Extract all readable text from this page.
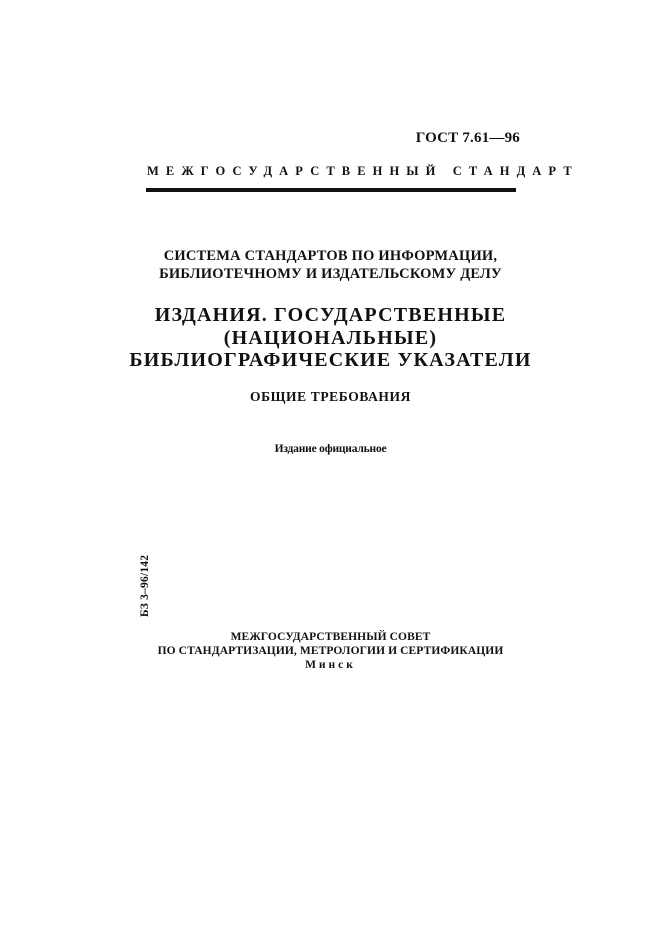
ГОСТ 7.61—96
МЕЖГОСУДАРСТВЕННЫЙ СТАНДАРТ
СИСТЕМА СТАНДАРТОВ ПО ИНФОРМАЦИИ,
БИБЛИОТЕЧНОМУ И ИЗДАТЕЛЬСКОМУ ДЕЛУ
ИЗДАНИЯ. ГОСУДАРСТВЕННЫЕ
(НАЦИОНАЛЬНЫЕ)
БИБЛИОГРАФИЧЕСКИЕ УКАЗАТЕЛИ
ОБЩИЕ ТРЕБОВАНИЯ
Издание официальное
БЗ 3–96/142
МЕЖГОСУДАРСТВЕННЫЙ СОВЕТ
ПО СТАНДАРТИЗАЦИИ, МЕТРОЛОГИИ И СЕРТИФИКАЦИИ
Минск
